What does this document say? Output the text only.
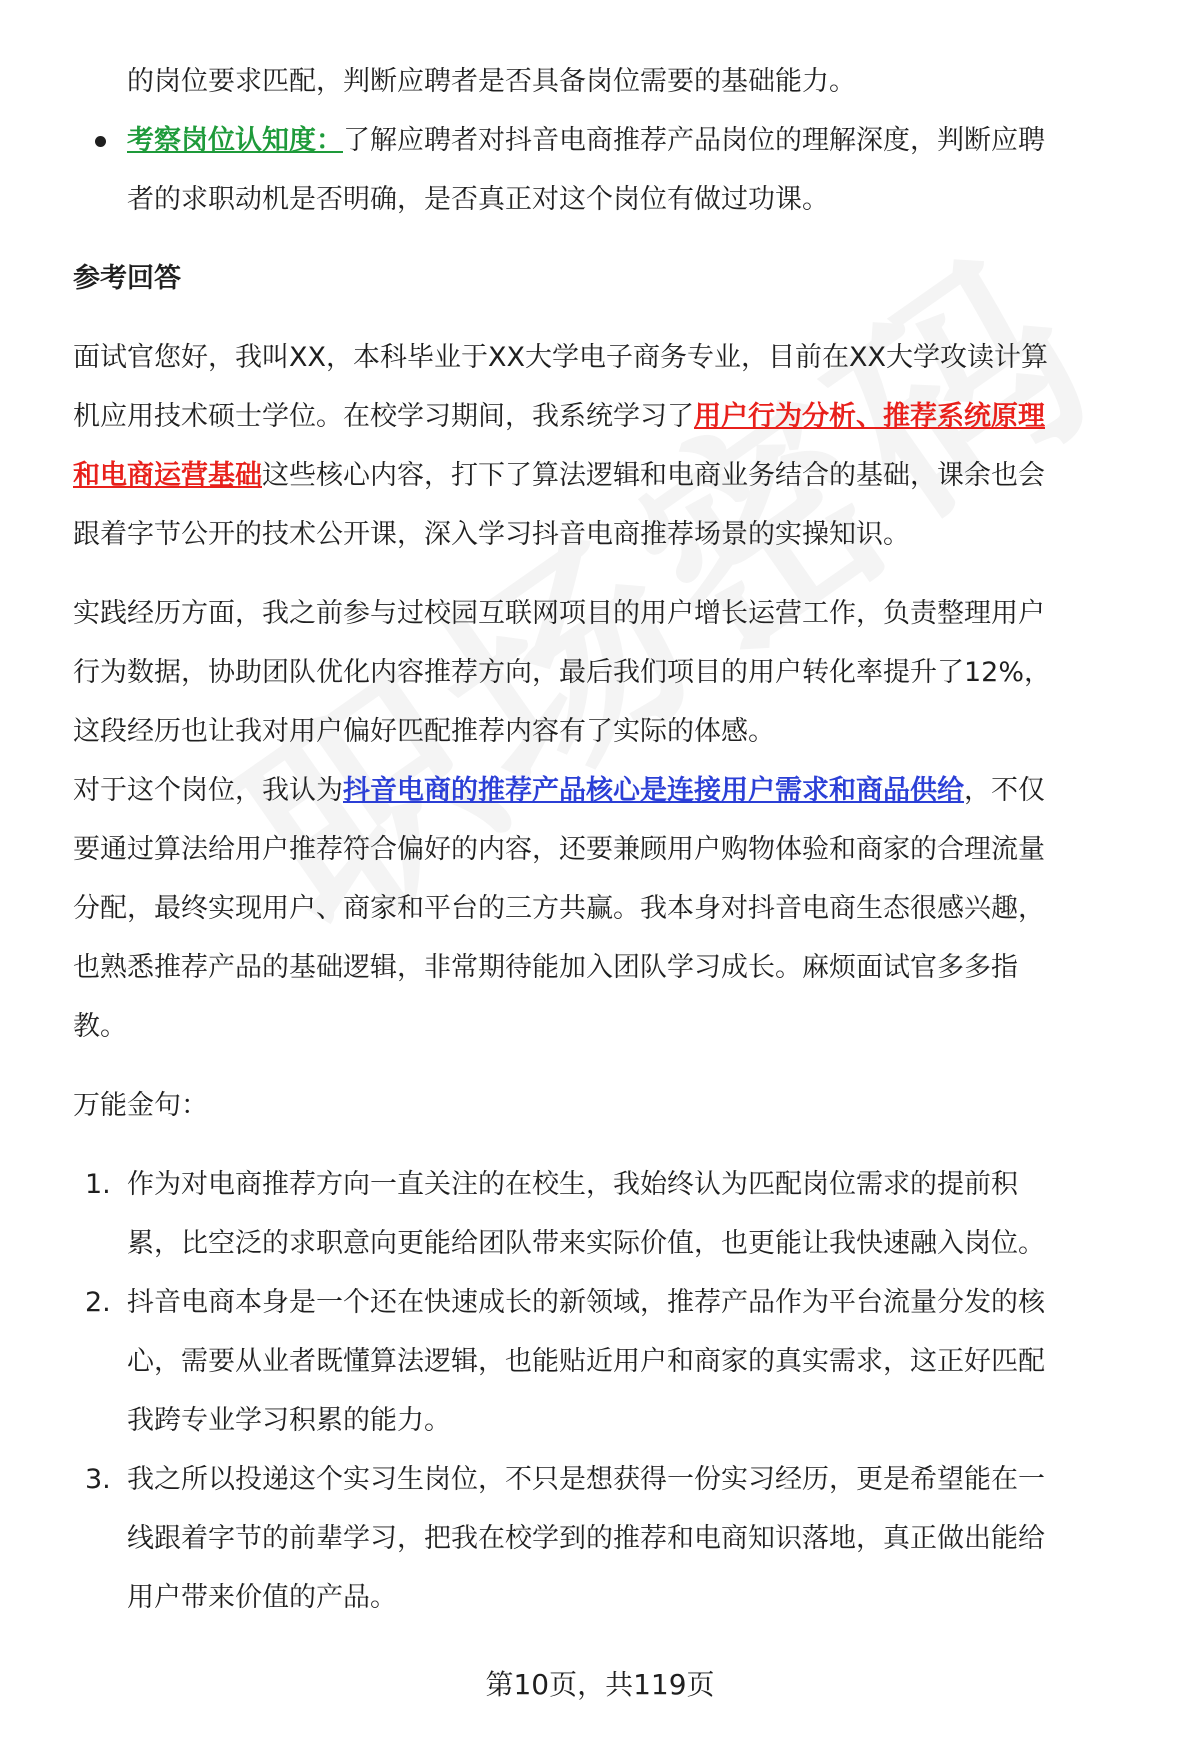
的岗位要求匹配，判断应聘者是否具备岗位需要的基础能力。

考察岗位认知度：了解应聘者对抖音电商推荐产品岗位的理解深度，判断应聘

者的求职动机是否明确，是否真正对这个岗位有做过功课。

参考回答

面试官您好，我叫XX，本科毕业于XX大学电子商务专业，目前在XX大学攻读计算

机应用技术硕士学位。在校学习期间，我系统学习了用户行为分析、推荐系统原理

和电商运营基础这些核心内容，打下了算法逻辑和电商业务结合的基础，课余也会

跟着字节公开的技术公开课，深入学习抖音电商推荐场景的实操知识。

实践经历方面，我之前参与过校园互联网项目的用户增长运营工作，负责整理用户

行为数据，协助团队优化内容推荐方向，最后我们项目的用户转化率提升了12%，

这段经历也让我对用户偏好匹配推荐内容有了实际的体感。

对于这个岗位，我认为抖音电商的推荐产品核心是连接用户需求和商品供给，不仅

要通过算法给用户推荐符合偏好的内容，还要兼顾用户购物体验和商家的合理流量

分配，最终实现用户、商家和平台的三方共赢。我本身对抖音电商生态很感兴趣，

也熟悉推荐产品的基础逻辑，非常期待能加入团队学习成长。麻烦面试官多多指

教。

万能金句：

1. 作为对电商推荐方向一直关注的在校生，我始终认为匹配岗位需求的提前积

累，比空泛的求职意向更能给团队带来实际价值，也更能让我快速融入岗位。

2. 抖音电商本身是一个还在快速成长的新领域，推荐产品作为平台流量分发的核

心，需要从业者既懂算法逻辑，也能贴近用户和商家的真实需求，这正好匹配

我跨专业学习积累的能力。

3. 我之所以投递这个实习生岗位，不只是想获得一份实习经历，更是希望能在一

线跟着字节的前辈学习，把我在校学到的推荐和电商知识落地，真正做出能给

用户带来价值的产品。

第10页，共119页
